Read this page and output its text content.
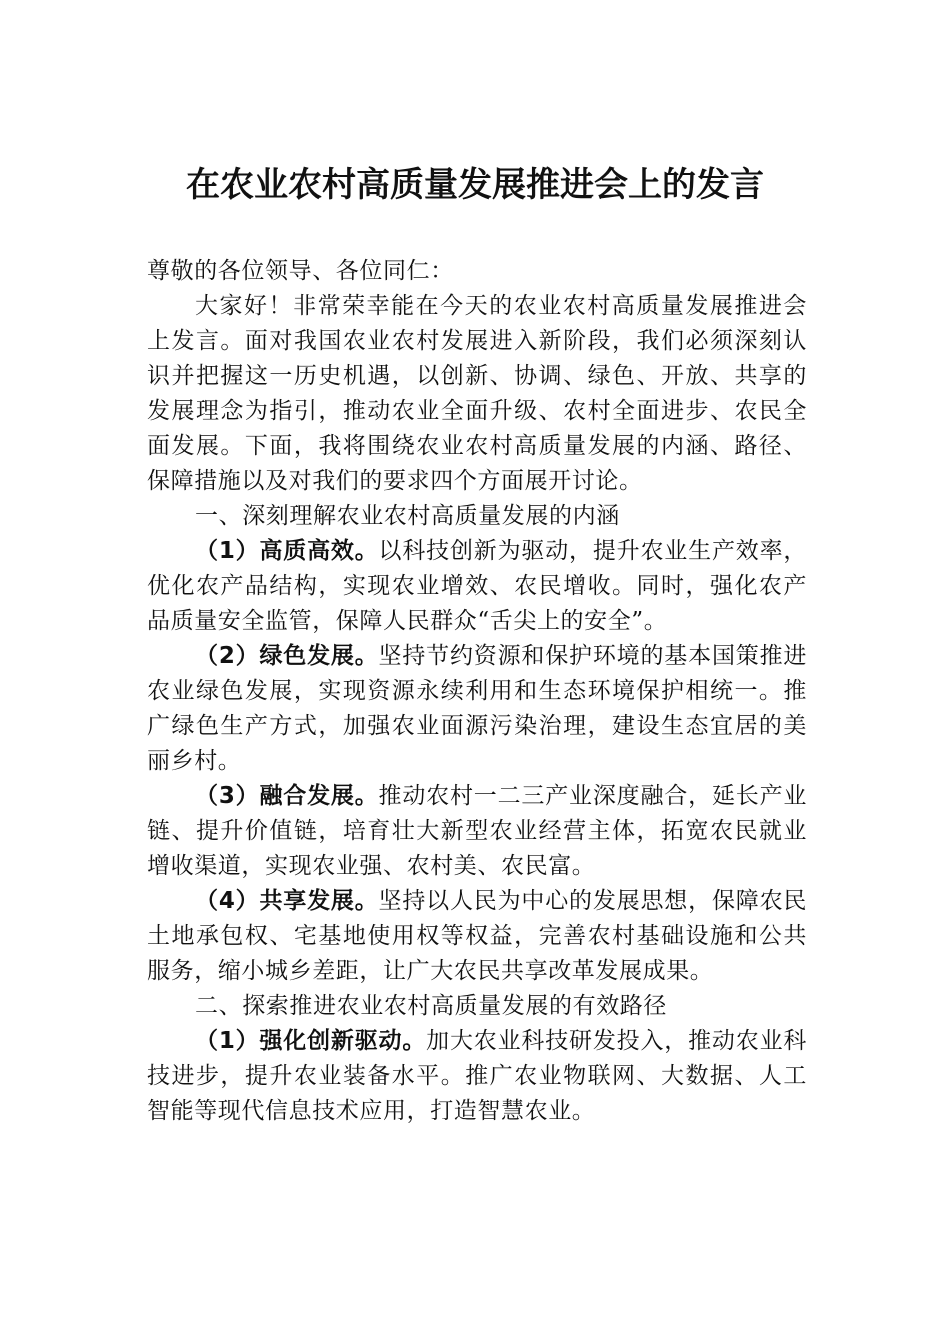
在农业农村高质量发展推进会上的发言

尊敬的各位领导、各位同仁：

大家好！非常荣幸能在今天的农业农村高质量发展推进会上发言。面对我国农业农村发展进入新阶段，我们必须深刻认识并把握这一历史机遇，以创新、协调、绿色、开放、共享的发展理念为指引，推动农业全面升级、农村全面进步、农民全面发展。下面，我将围绕农业农村高质量发展的内涵、路径、保障措施以及对我们的要求四个方面展开讨论。

一、深刻理解农业农村高质量发展的内涵

（1）高质高效。以科技创新为驱动，提升农业生产效率，优化农产品结构，实现农业增效、农民增收。同时，强化农产品质量安全监管，保障人民群众“舌尖上的安全”。

（2）绿色发展。坚持节约资源和保护环境的基本国策推进农业绿色发展，实现资源永续利用和生态环境保护相统一。推广绿色生产方式，加强农业面源污染治理，建设生态宜居的美丽乡村。

（3）融合发展。推动农村一二三产业深度融合，延长产业链、提升价值链，培育壮大新型农业经营主体，拓宽农民就业增收渠道，实现农业强、农村美、农民富。

（4）共享发展。坚持以人民为中心的发展思想，保障农民土地承包权、宅基地使用权等权益，完善农村基础设施和公共服务，缩小城乡差距，让广大农民共享改革发展成果。

二、探索推进农业农村高质量发展的有效路径

（1）强化创新驱动。加大农业科技研发投入，推动农业科技进步，提升农业装备水平。推广农业物联网、大数据、人工智能等现代信息技术应用，打造智慧农业。
